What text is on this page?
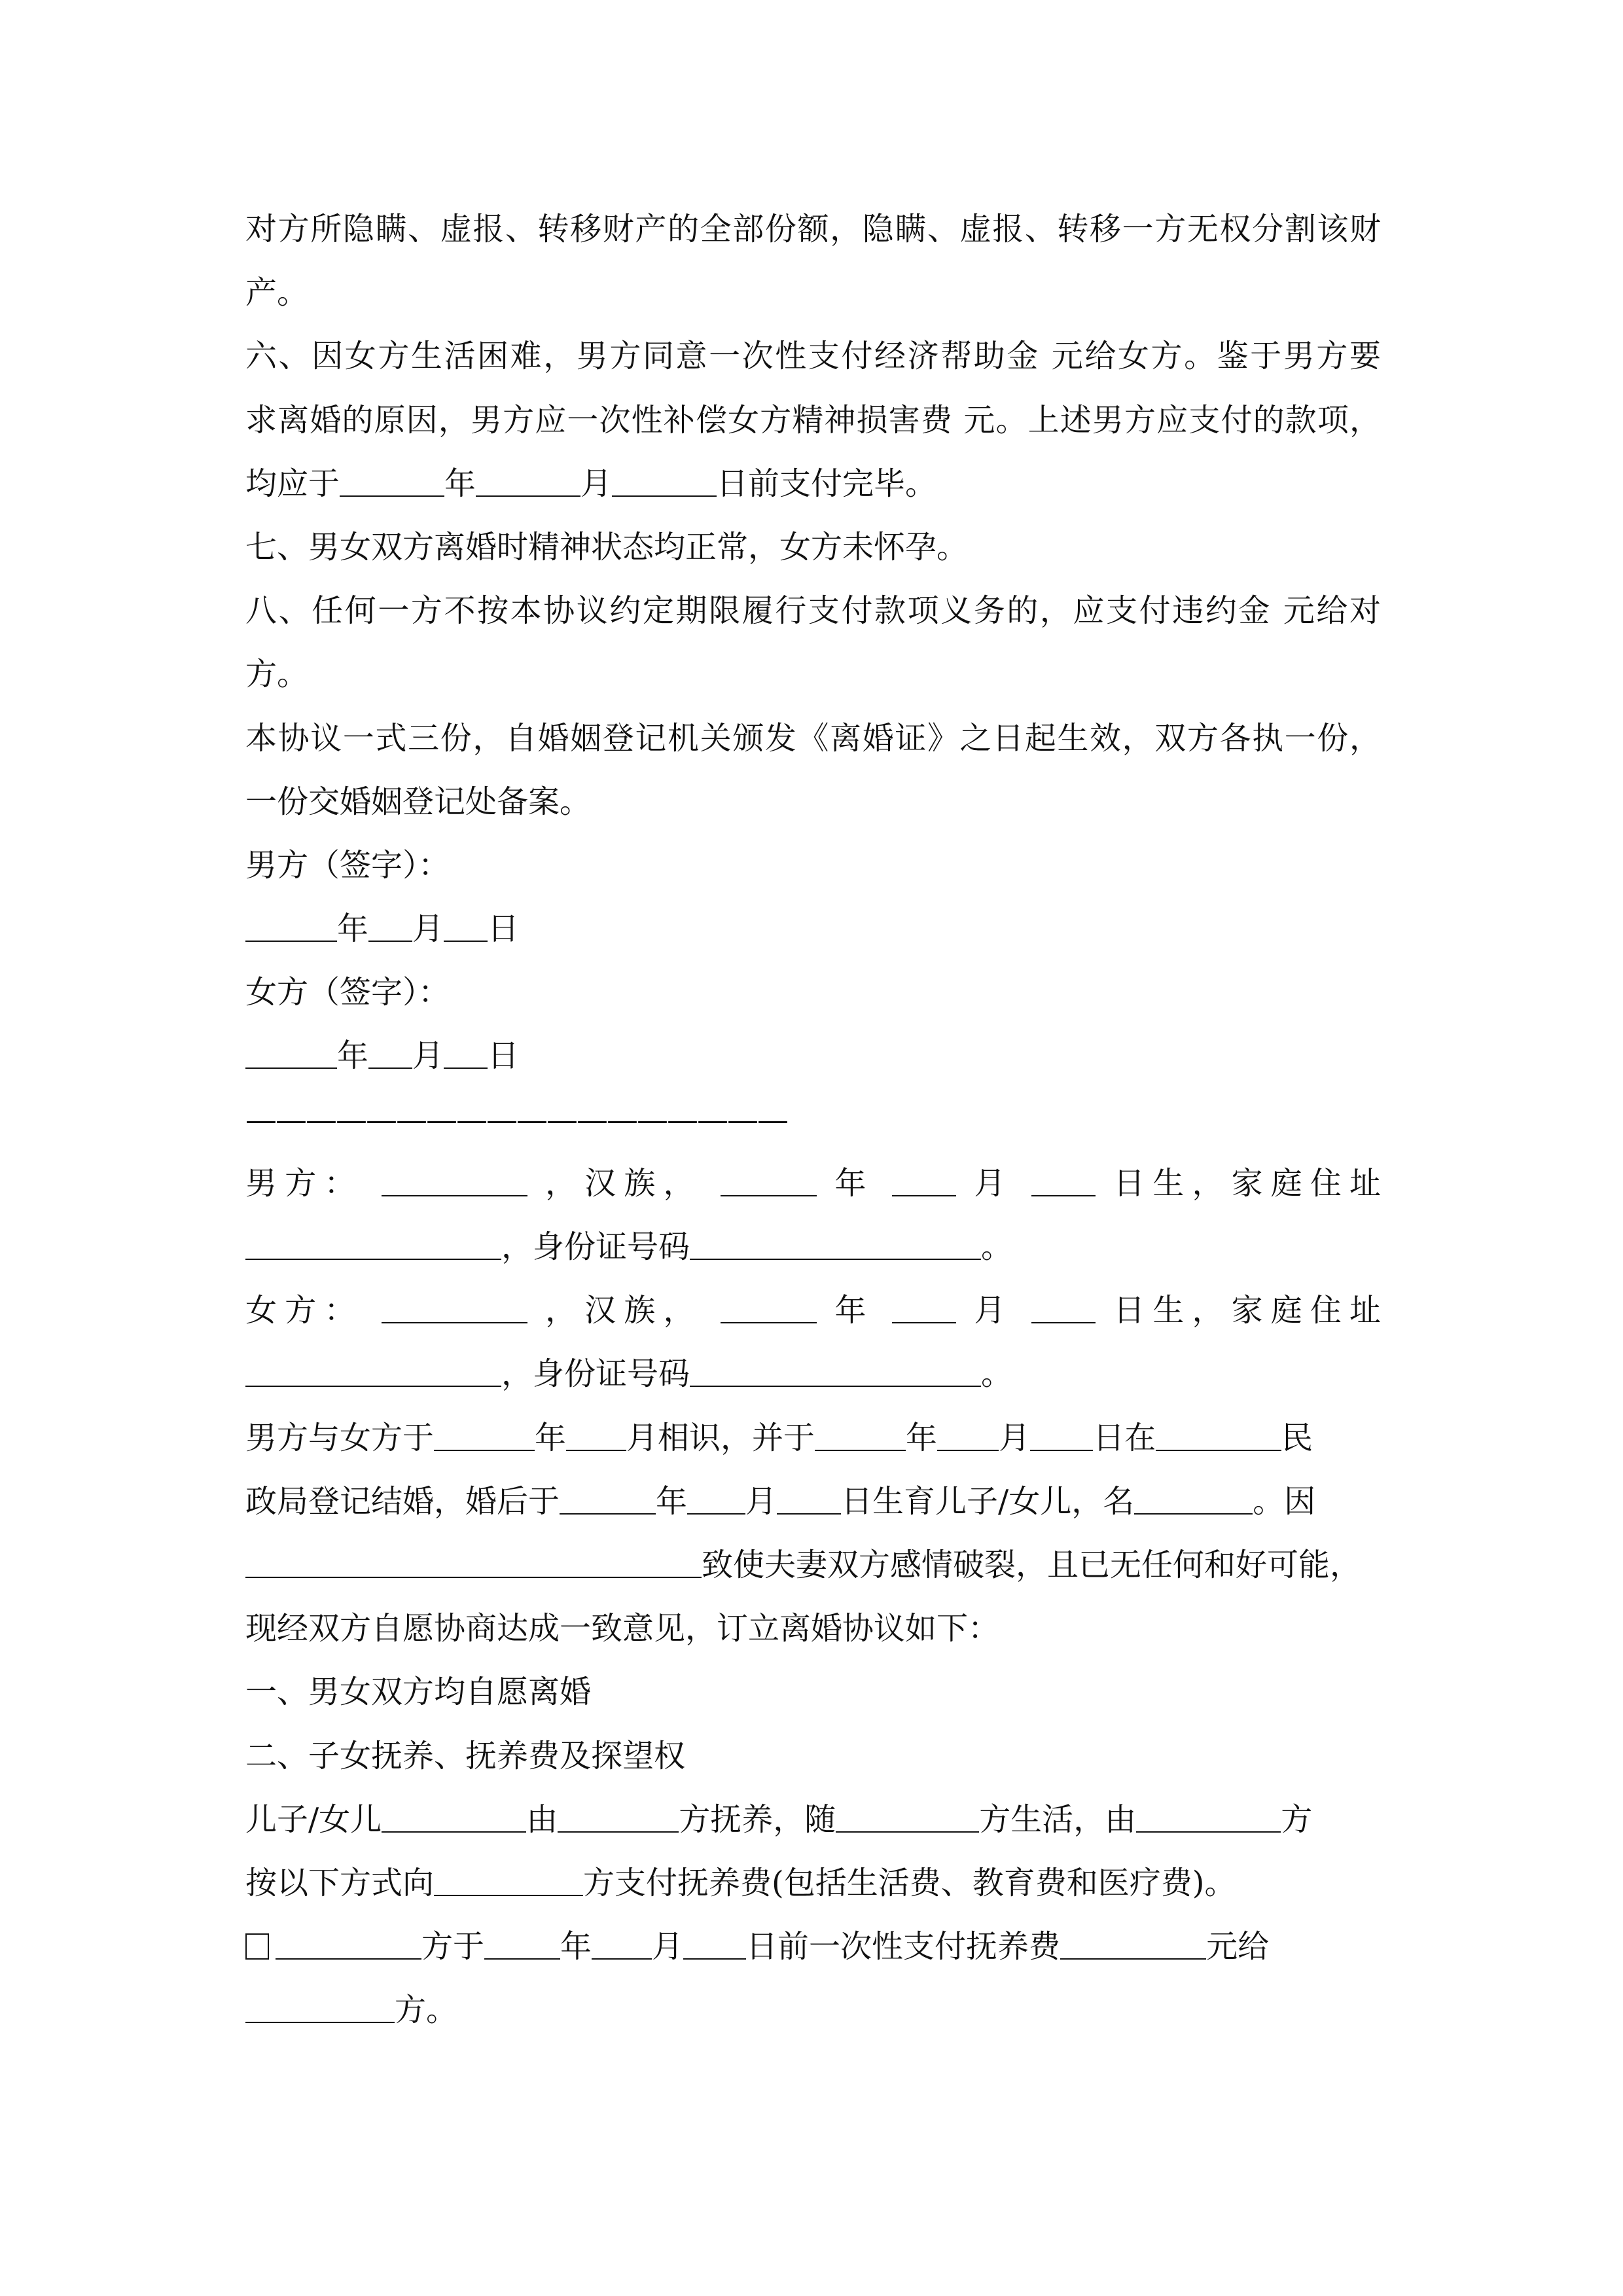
对方所隐瞒、虚报、转移财产的全部份额，隐瞒、虚报、转移一方无权分割该财
产。
六、因女方生活困难，男方同意一次性支付经济帮助金 元给女方。鉴于男方要
求离婚的原因，男方应一次性补偿女方精神损害费 元。上述男方应支付的款项，
均应于	年	月	日前支付完毕。
七、男女双方离婚时精神状态均正常，女方未怀孕。
八、任何一方不按本协议约定期限履行支付款项义务的，应支付违约金 元给对
方。
本协议一式三份，自婚姻登记机关颁发《离婚证》之日起生效，双方各执一份，
一份交婚姻登记处备案。
男方（签字）：
年 月 日
女方（签字）：
年 月 日
——————————————————
男方：	，汉族，	年	月	日生，家庭住址
，身份证号码	。
女方：	，汉族，	年	月	日生，家庭住址
，身份证号码	。
男方与女方于	年 月相识，并于	年 月 日在	民
政局登记结婚，婚后于	年 月 日生育儿子/女儿，名	。因
致使夫妻双方感情破裂，且已无任何和好可能，
现经双方自愿协商达成一致意见，订立离婚协议如下：
一、男女双方均自愿离婚
二、子女抚养、抚养费及探望权
儿子/女儿	由	方抚养，随	方生活，由	方
按以下方式向	方支付抚养费(包括生活费、教育费和医疗费)。
方于 年 月 日前一次性支付抚养费	元给
方。
